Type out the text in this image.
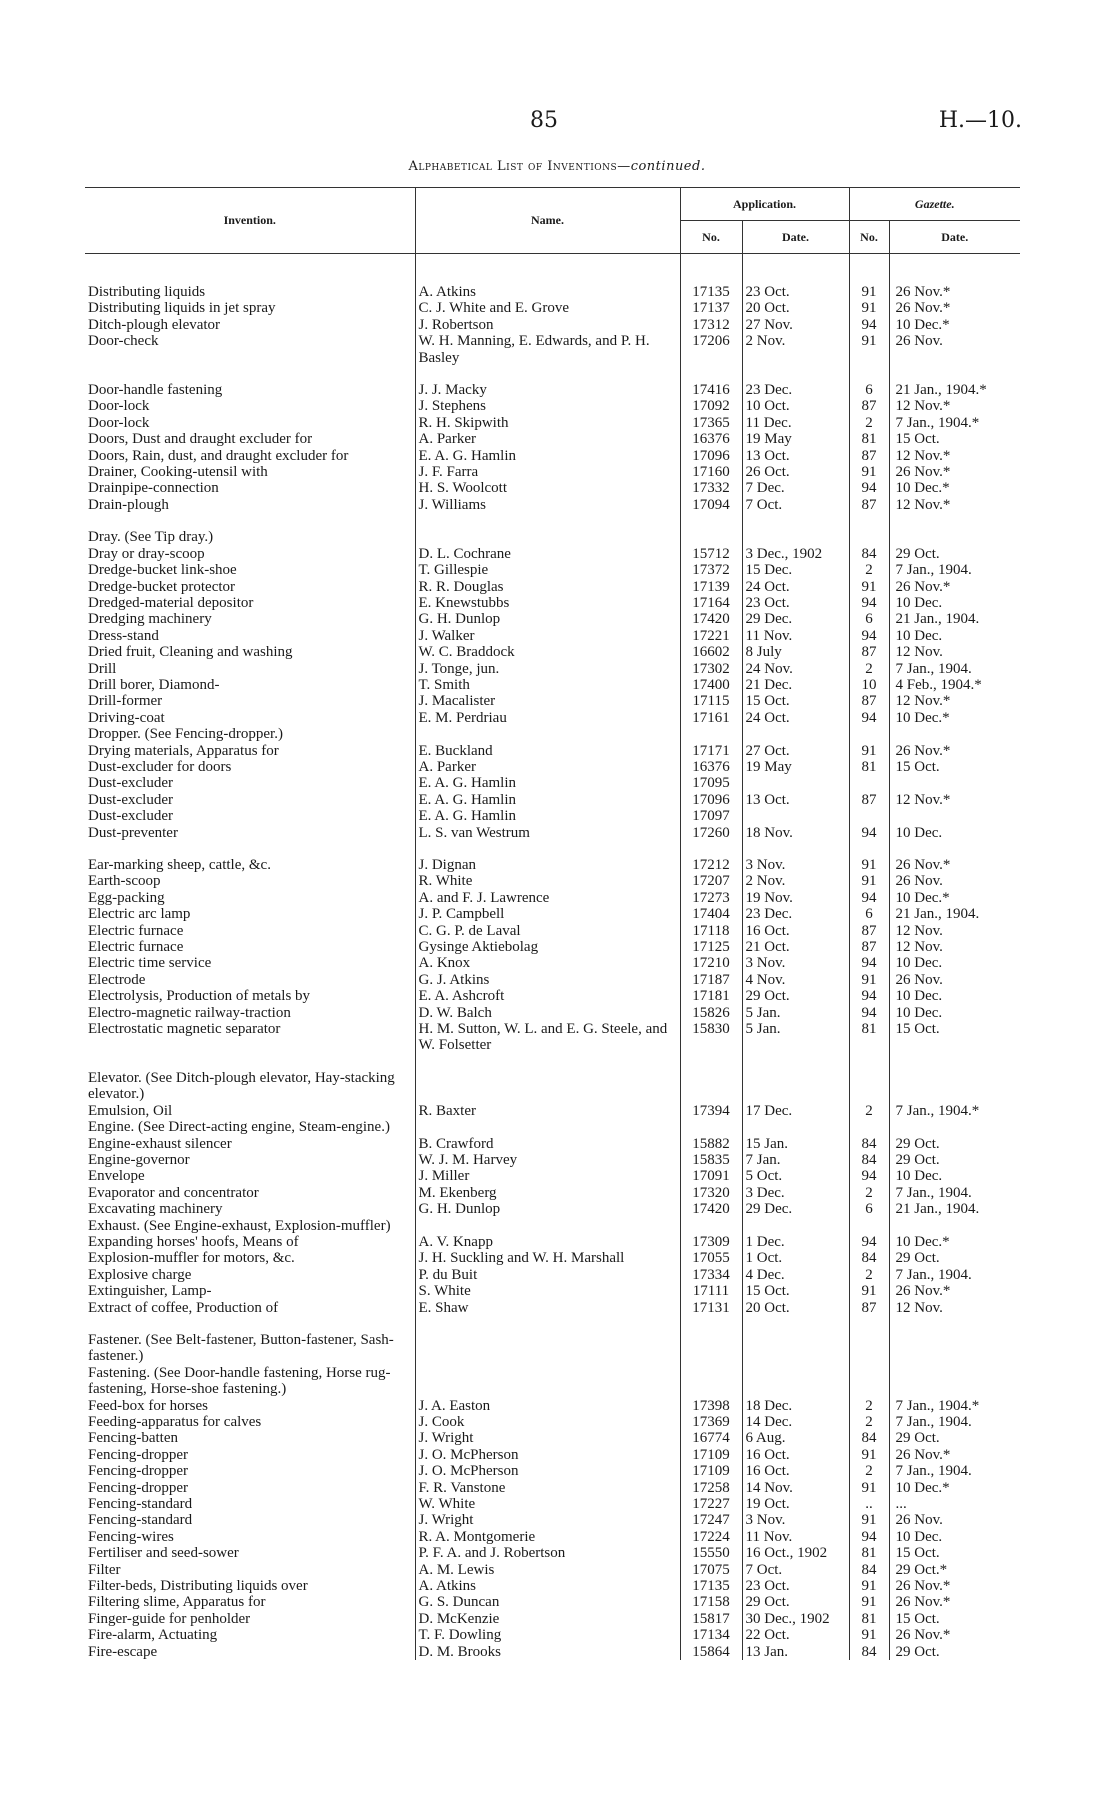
85	H.—10.
Alphabetical List of Inventions—continued.
Invention.	Name.	Application.		Gazette.	
		No.	Date.	No.	Date.

Distributing liquids	A. Atkins	17135	23 Oct.	91	26 Nov.*
Distributing liquids in jet spray	C. J. White and E. Grove	17137	20 Oct.	91	26 Nov.*
Ditch-plough elevator	J. Robertson	17312	27 Nov.	94	10 Dec.*
Door-check	W. H. Manning, E. Edwards, and P. H. Basley	17206	2 Nov.	91	26 Nov.

Door-handle fastening	J. J. Macky	17416	23 Dec.	6	21 Jan., 1904.*
Door-lock	J. Stephens	17092	10 Oct.	87	12 Nov.*
Door-lock	R. H. Skipwith	17365	11 Dec.	2	7 Jan., 1904.*
Doors, Dust and draught excluder for	A. Parker	16376	19 May	81	15 Oct.
Doors, Rain, dust, and draught excluder for	E. A. G. Hamlin	17096	13 Oct.	87	12 Nov.*
Drainer, Cooking-utensil with	J. F. Farra	17160	26 Oct.	91	26 Nov.*
Drainpipe-connection	H. S. Woolcott	17332	7 Dec.	94	10 Dec.*
Drain-plough	J. Williams	17094	7 Oct.	87	12 Nov.*

Dray. (See Tip dray.)					
Dray or dray-scoop	D. L. Cochrane	15712	3 Dec., 1902	84	29 Oct.
Dredge-bucket link-shoe	T. Gillespie	17372	15 Dec.	2	7 Jan., 1904.
Dredge-bucket protector	R. R. Douglas	17139	24 Oct.	91	26 Nov.*
Dredged-material depositor	E. Knewstubbs	17164	23 Oct.	94	10 Dec.
Dredging machinery	G. H. Dunlop	17420	29 Dec.	6	21 Jan., 1904.
Dress-stand	J. Walker	17221	11 Nov.	94	10 Dec.
Dried fruit, Cleaning and washing	W. C. Braddock	16602	8 July	87	12 Nov.
Drill	J. Tonge, jun.	17302	24 Nov.	2	7 Jan., 1904.
Drill borer, Diamond-	T. Smith	17400	21 Dec.	10	4 Feb., 1904.*
Drill-former	J. Macalister	17115	15 Oct.	87	12 Nov.*
Driving-coat	E. M. Perdriau	17161	24 Oct.	94	10 Dec.*
Dropper. (See Fencing-dropper.)					
Drying materials, Apparatus for	E. Buckland	17171	27 Oct.	91	26 Nov.*
Dust-excluder for doors	A. Parker	16376	19 May	81	15 Oct.
Dust-excluder	E. A. G. Hamlin	17095			
Dust-excluder	E. A. G. Hamlin	17096	13 Oct.	87	12 Nov.*
Dust-excluder	E. A. G. Hamlin	17097			
Dust-preventer	L. S. van Westrum	17260	18 Nov.	94	10 Dec.

Ear-marking sheep, cattle, &c.	J. Dignan	17212	3 Nov.	91	26 Nov.*
Earth-scoop	R. White	17207	2 Nov.	91	26 Nov.
Egg-packing	A. and F. J. Lawrence	17273	19 Nov.	94	10 Dec.*
Electric arc lamp	J. P. Campbell	17404	23 Dec.	6	21 Jan., 1904.
Electric furnace	C. G. P. de Laval	17118	16 Oct.	87	12 Nov.
Electric furnace	Gysinge Aktiebolag	17125	21 Oct.	87	12 Nov.
Electric time service	A. Knox	17210	3 Nov.	94	10 Dec.
Electrode	G. J. Atkins	17187	4 Nov.	91	26 Nov.
Electrolysis, Production of metals by	E. A. Ashcroft	17181	29 Oct.	94	10 Dec.
Electro-magnetic railway-traction	D. W. Balch	15826	5 Jan.	94	10 Dec.
Electrostatic magnetic separator	H. M. Sutton, W. L. and E. G. Steele, and W. Folsetter	15830	5 Jan.	81	15 Oct.

Elevator. (See Ditch-plough elevator, Hay-stacking elevator.)					
Emulsion, Oil	R. Baxter	17394	17 Dec.	2	7 Jan., 1904.*
Engine. (See Direct-acting engine, Steam-engine.)					
Engine-exhaust silencer	B. Crawford	15882	15 Jan.	84	29 Oct.
Engine-governor	W. J. M. Harvey	15835	7 Jan.	84	29 Oct.
Envelope	J. Miller	17091	5 Oct.	94	10 Dec.
Evaporator and concentrator	M. Ekenberg	17320	3 Dec.	2	7 Jan., 1904.
Excavating machinery	G. H. Dunlop	17420	29 Dec.	6	21 Jan., 1904.
Exhaust. (See Engine-exhaust, Explosion-muffler)					
Expanding horses' hoofs, Means of	A. V. Knapp	17309	1 Dec.	94	10 Dec.*
Explosion-muffler for motors, &c.	J. H. Suckling and W. H. Marshall	17055	1 Oct.	84	29 Oct.
Explosive charge	P. du Buit	17334	4 Dec.	2	7 Jan., 1904.
Extinguisher, Lamp-	S. White	17111	15 Oct.	91	26 Nov.*
Extract of coffee, Production of	E. Shaw	17131	20 Oct.	87	12 Nov.

Fastener. (See Belt-fastener, Button-fastener, Sash-fastener.)					
Fastening. (See Door-handle fastening, Horse rug-fastening, Horse-shoe fastening.)					
Feed-box for horses	J. A. Easton	17398	18 Dec.	2	7 Jan., 1904.*
Feeding-apparatus for calves	J. Cook	17369	14 Dec.	2	7 Jan., 1904.
Fencing-batten	J. Wright	16774	6 Aug.	84	29 Oct.
Fencing-dropper	J. O. McPherson	17109	16 Oct.	91	26 Nov.*
Fencing-dropper	J. O. McPherson	17109	16 Oct.	2	7 Jan., 1904.
Fencing-dropper	F. R. Vanstone	17258	14 Nov.	91	10 Dec.*
Fencing-standard	W. White	17227	19 Oct.	..	...
Fencing-standard	J. Wright	17247	3 Nov.	91	26 Nov.
Fencing-wires	R. A. Montgomerie	17224	11 Nov.	94	10 Dec.
Fertiliser and seed-sower	P. F. A. and J. Robertson	15550	16 Oct., 1902	81	15 Oct.
Filter	A. M. Lewis	17075	7 Oct.	84	29 Oct.*
Filter-beds, Distributing liquids over	A. Atkins	17135	23 Oct.	91	26 Nov.*
Filtering slime, Apparatus for	G. S. Duncan	17158	29 Oct.	91	26 Nov.*
Finger-guide for penholder	D. McKenzie	15817	30 Dec., 1902	81	15 Oct.
Fire-alarm, Actuating	T. F. Dowling	17134	22 Oct.	91	26 Nov.*
Fire-escape	D. M. Brooks	15864	13 Jan.	84	29 Oct.
